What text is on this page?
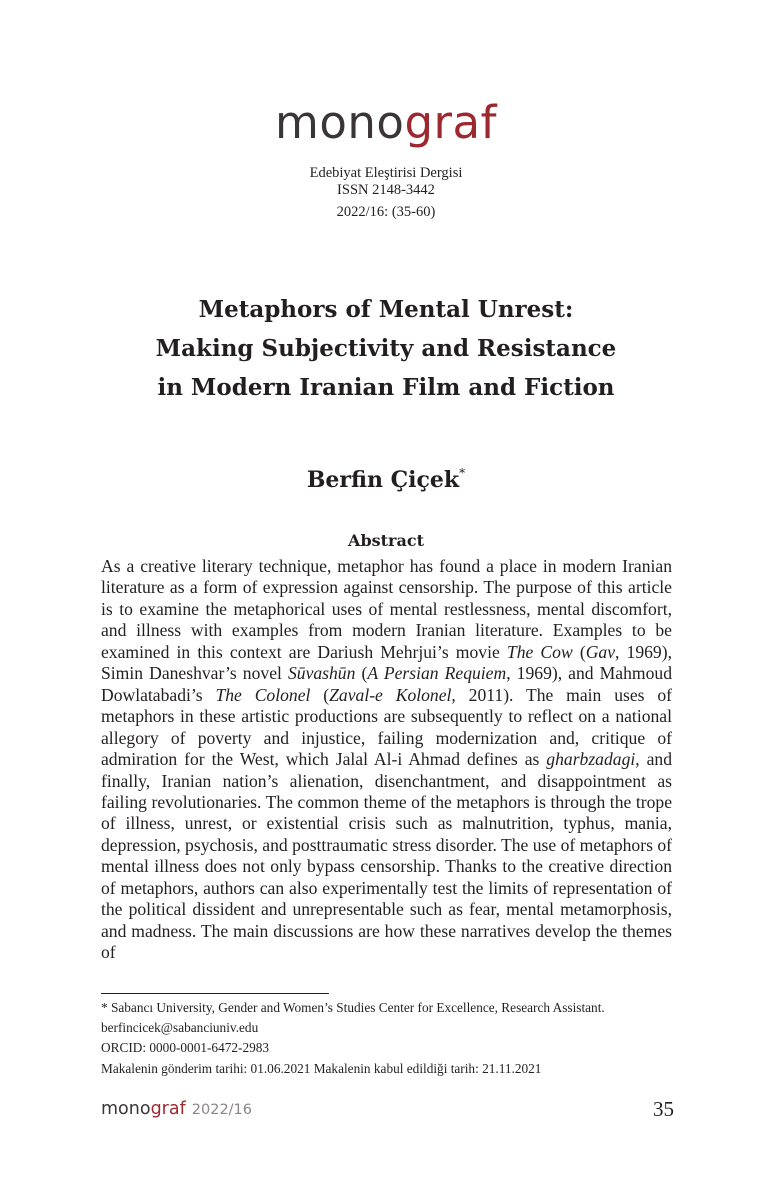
monograf
Edebiyat Eleştirisi Dergisi
ISSN 2148-3442
2022/16: (35-60)
Metaphors of Mental Unrest:
Making Subjectivity and Resistance
in Modern Iranian Film and Fiction
Berfin Çiçek*
Abstract

As a creative literary technique, metaphor has found a place in modern Iranian literature as a form of expression against censorship. The purpose of this article is to examine the metaphorical uses of mental restlessness, mental discomfort, and illness with examples from modern Iranian literature. Examples to be examined in this context are Dariush Mehrjui’s movie The Cow (Gav, 1969), Simin Daneshvar’s novel Sūvashūn (A Persian Requiem, 1969), and Mahmoud Dowlatabadi’s The Colonel (Zaval-e Kolonel, 2011). The main uses of metaphors in these artistic productions are subsequently to reflect on a national allegory of poverty and injustice, failing modernization and, critique of admiration for the West, which Jalal Al-i Ahmad defines as gharbzadagi, and finally, Iranian nation’s alienation, disenchantment, and disappointment as failing revolutionaries. The common theme of the metaphors is through the trope of illness, unrest, or existential crisis such as malnutrition, typhus, mania, depression, psychosis, and posttraumatic stress disorder. The use of metaphors of mental illness does not only bypass censorship. Thanks to the creative direction of metaphors, authors can also experimentally test the limits of representation of the political dissident and unrepresentable such as fear, mental metamorphosis, and madness. The main discussions are how these narratives develop the themes of

* Sabancı University, Gender and Women’s Studies Center for Excellence, Research Assistant.
berfincicek@sabanciuniv.edu
ORCID: 0000-0001-6472-2983
Makalenin gönderim tarihi: 01.06.2021 Makalenin kabul edildiği tarih: 21.11.2021
monograf 2022/16	35
